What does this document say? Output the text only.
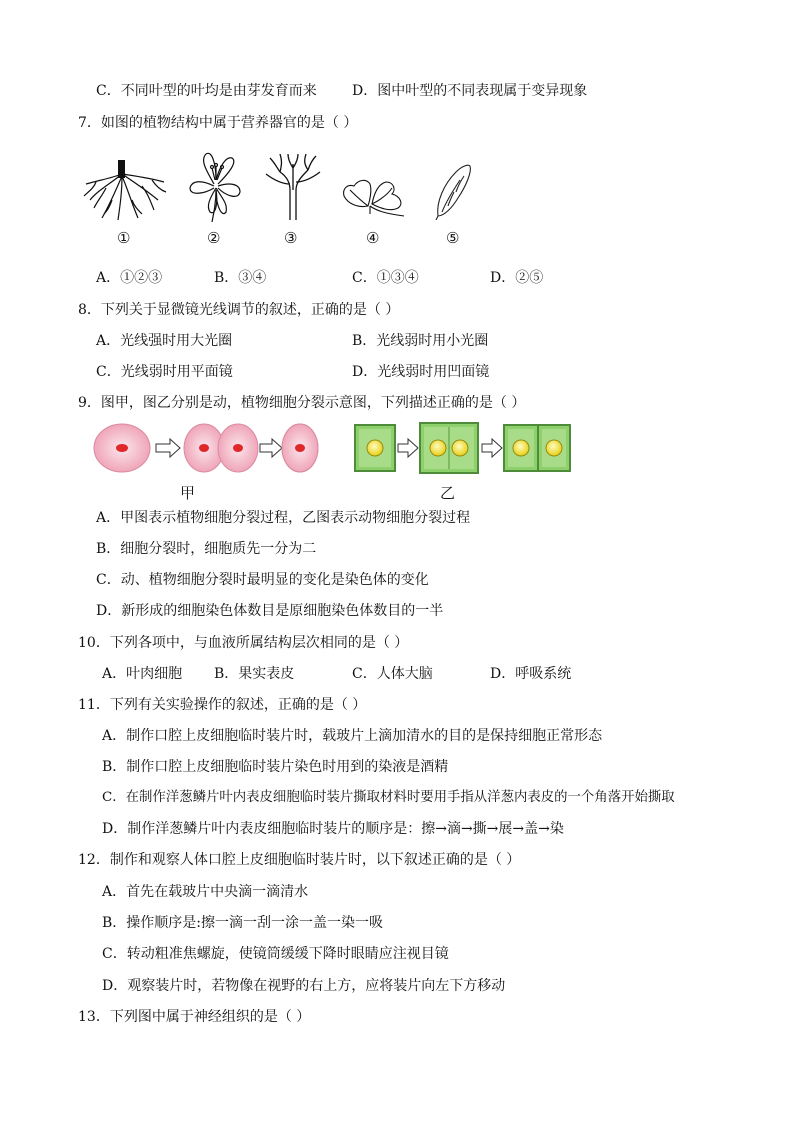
C．不同叶型的叶均是由芽发育而来	D．图中叶型的不同表现属于变异现象
7．如图的植物结构中属于营养器官的是（ ）
①	②	③	④	⑤
A．①②③	B．③④	C．①③④	D．②⑤
8．下列关于显微镜光线调节的叙述，正确的是（ ）
A．光线强时用大光圈	B．光线弱时用小光圈
C．光线弱时用平面镜	D．光线弱时用凹面镜
9．图甲，图乙分别是动，植物细胞分裂示意图，下列描述正确的是（ ）
甲	乙
A．甲图表示植物细胞分裂过程，乙图表示动物细胞分裂过程
B．细胞分裂时，细胞质先一分为二
C．动、植物细胞分裂时最明显的变化是染色体的变化
D．新形成的细胞染色体数目是原细胞染色体数目的一半
10．下列各项中，与血液所属结构层次相同的是（ ）
A．叶肉细胞 B．果实表皮	C．人体大脑	D．呼吸系统
11．下列有关实验操作的叙述，正确的是（ ）
A．制作口腔上皮细胞临时装片时，载玻片上滴加清水的目的是保持细胞正常形态
B．制作口腔上皮细胞临时装片染色时用到的染液是酒精
C．在制作洋葱鳞片叶内表皮细胞临时装片撕取材料时要用手指从洋葱内表皮的一个角落开始撕取
D．制作洋葱鳞片叶内表皮细胞临时装片的顺序是：擦→滴→撕→展→盖→染
12．制作和观察人体口腔上皮细胞临时装片时，以下叙述正确的是（ ）
A．首先在载玻片中央滴一滴清水
B．操作顺序是:擦一滴一刮一涂一盖一染一吸
C．转动粗准焦螺旋，使镜筒缓缓下降时眼睛应注视目镜
D．观察装片时，若物像在视野的右上方，应将装片向左下方移动
13．下列图中属于神经组织的是（ ）
